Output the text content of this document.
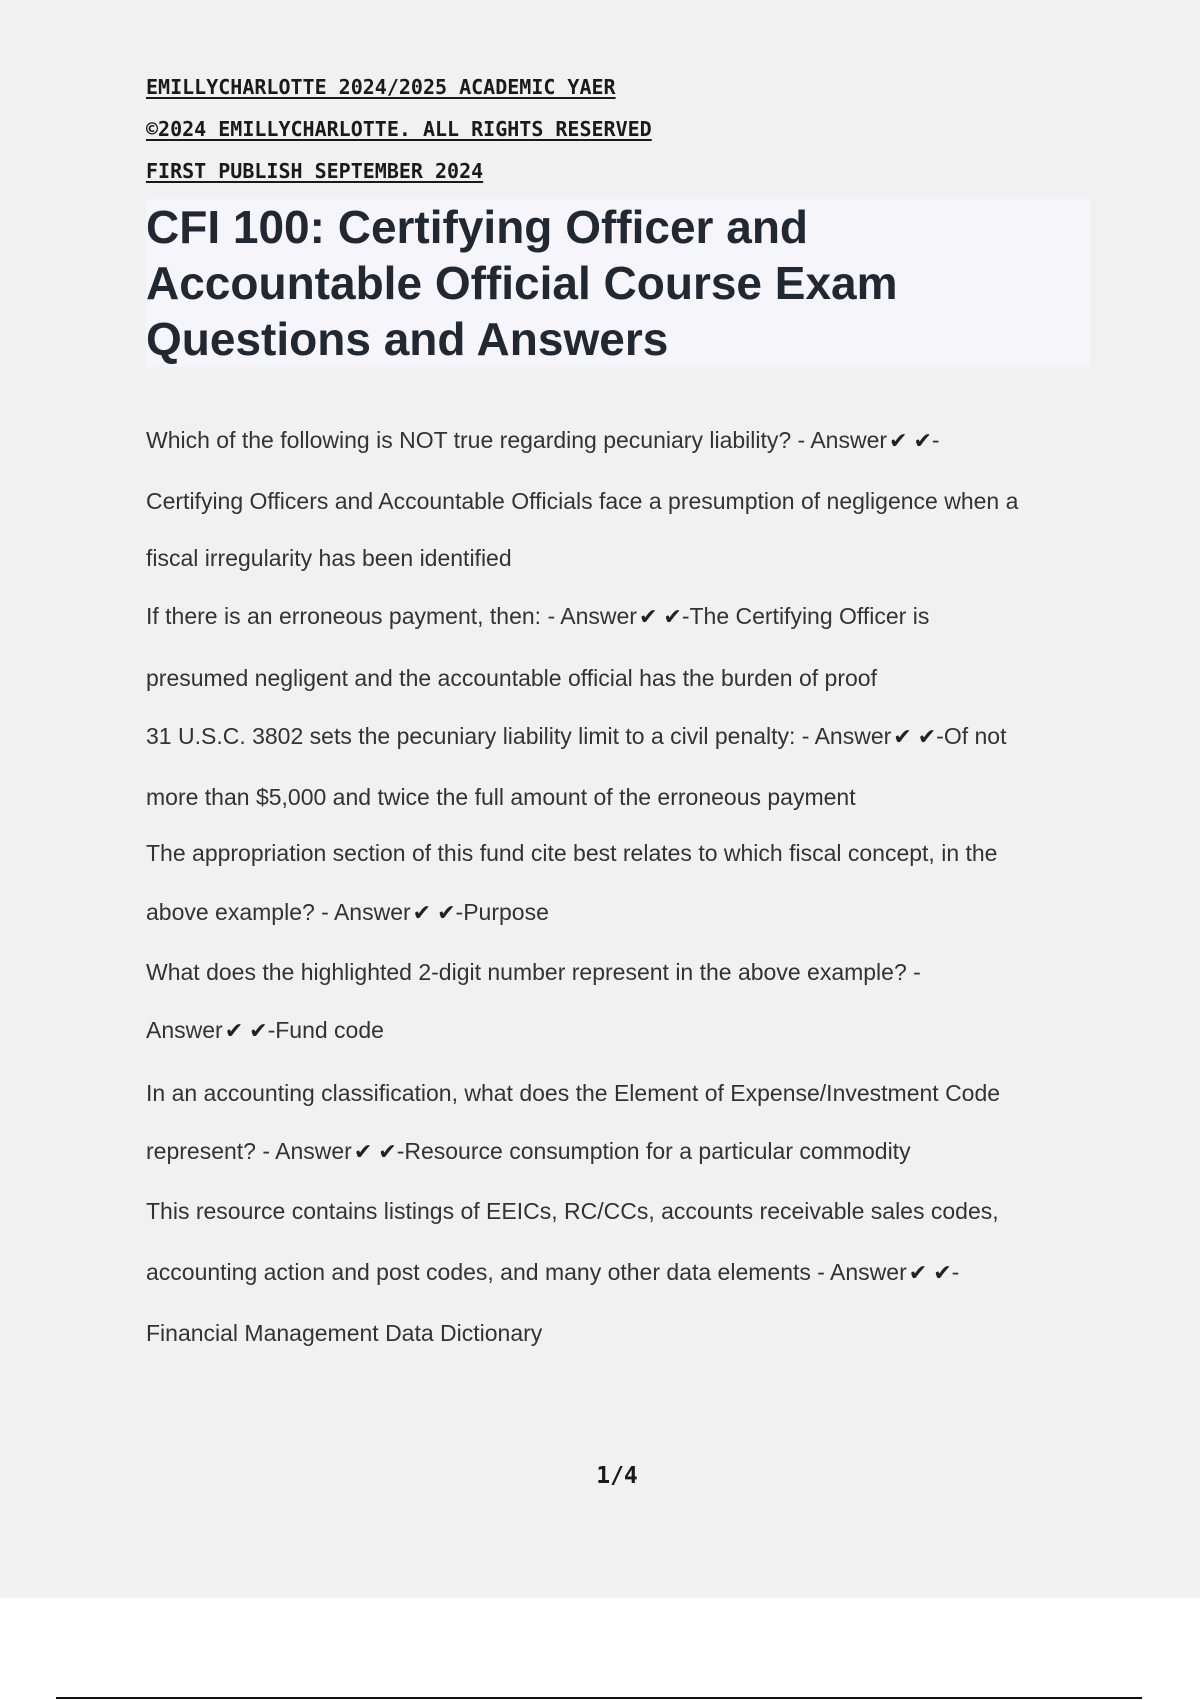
EMILLYCHARLOTTE 2024/2025 ACADEMIC YAER
©2024 EMILLYCHARLOTTE. ALL RIGHTS RESERVED
FIRST PUBLISH SEPTEMBER 2024
CFI 100: Certifying Officer and Accountable Official Course Exam Questions and Answers

Which of the following is NOT true regarding pecuniary liability? - Answer✔ ✔-

Certifying Officers and Accountable Officials face a presumption of negligence when a

fiscal irregularity has been identified

If there is an erroneous payment, then: - Answer✔ ✔-The Certifying Officer is

presumed negligent and the accountable official has the burden of proof

31 U.S.C. 3802 sets the pecuniary liability limit to a civil penalty: - Answer✔ ✔-Of not

more than $5,000 and twice the full amount of the erroneous payment

The appropriation section of this fund cite best relates to which fiscal concept, in the

above example? - Answer✔ ✔-Purpose

What does the highlighted 2-digit number represent in the above example? -

Answer✔ ✔-Fund code

In an accounting classification, what does the Element of Expense/Investment Code

represent? - Answer✔ ✔-Resource consumption for a particular commodity

This resource contains listings of EEICs, RC/CCs, accounts receivable sales codes,

accounting action and post codes, and many other data elements - Answer✔ ✔-

Financial Management Data Dictionary

1/4
